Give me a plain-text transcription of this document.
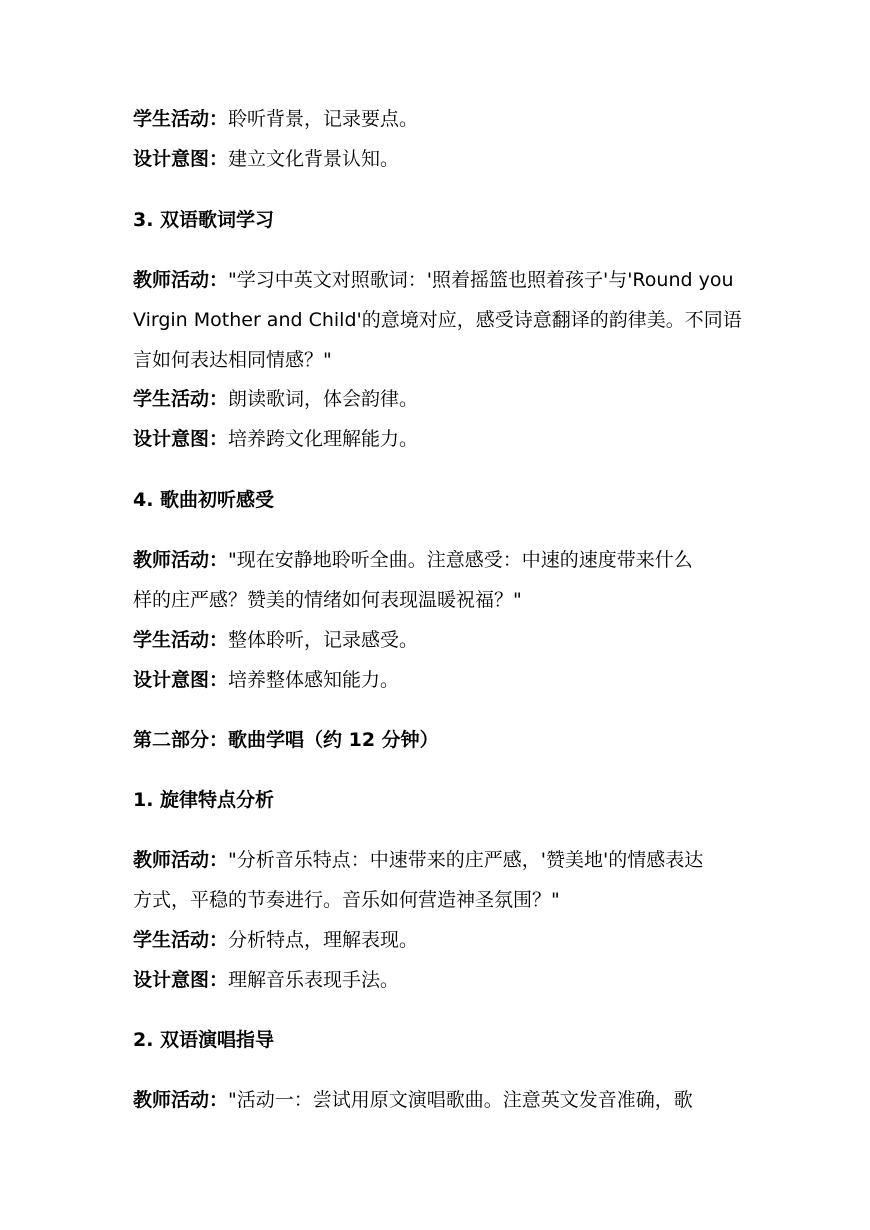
学生活动：聆听背景，记录要点。
设计意图：建立文化背景认知。
3. 双语歌词学习
教师活动："学习中英文对照歌词：'照着摇篮也照着孩子'与'Round you
Virgin Mother and Child'的意境对应，感受诗意翻译的韵律美。不同语
言如何表达相同情感？"
学生活动：朗读歌词，体会韵律。
设计意图：培养跨文化理解能力。
4. 歌曲初听感受
教师活动："现在安静地聆听全曲。注意感受：中速的速度带来什么
样的庄严感？赞美的情绪如何表现温暖祝福？"
学生活动：整体聆听，记录感受。
设计意图：培养整体感知能力。
第二部分：歌曲学唱（约 12 分钟）
1. 旋律特点分析
教师活动："分析音乐特点：中速带来的庄严感，'赞美地'的情感表达
方式，平稳的节奏进行。音乐如何营造神圣氛围？"
学生活动：分析特点，理解表现。
设计意图：理解音乐表现手法。
2. 双语演唱指导
教师活动："活动一：尝试用原文演唱歌曲。注意英文发音准确，歌
